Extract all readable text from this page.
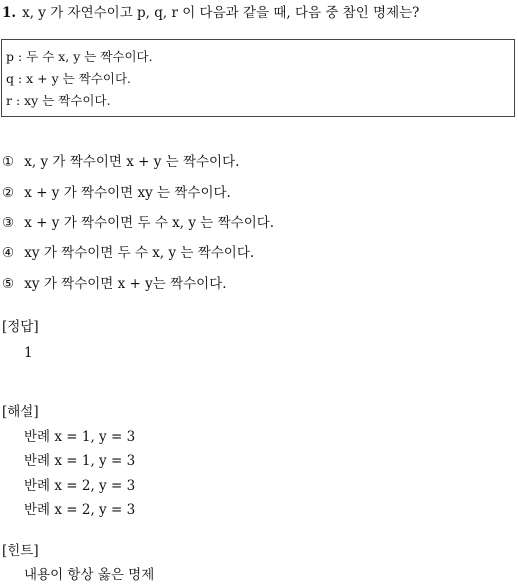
1. x, y 가 자연수이고 p, q, r 이 다음과 같을 때, 다음 중 참인 명제는?
p : 두 수 x, y 는 짝수이다.
q : x + y 는 짝수이다.
r : xy 는 짝수이다.
① x, y 가 짝수이면 x + y 는 짝수이다.
② x + y 가 짝수이면 xy 는 짝수이다.
③ x + y 가 짝수이면 두 수 x, y 는 짝수이다.
④ xy 가 짝수이면 두 수 x, y 는 짝수이다.
⑤ xy 가 짝수이면 x + y는 짝수이다.
[정답]
1
[해설]
반례 x = 1, y = 3
반례 x = 1, y = 3
반례 x = 2, y = 3
반례 x = 2, y = 3
[힌트]
내용이 항상 옳은 명제
